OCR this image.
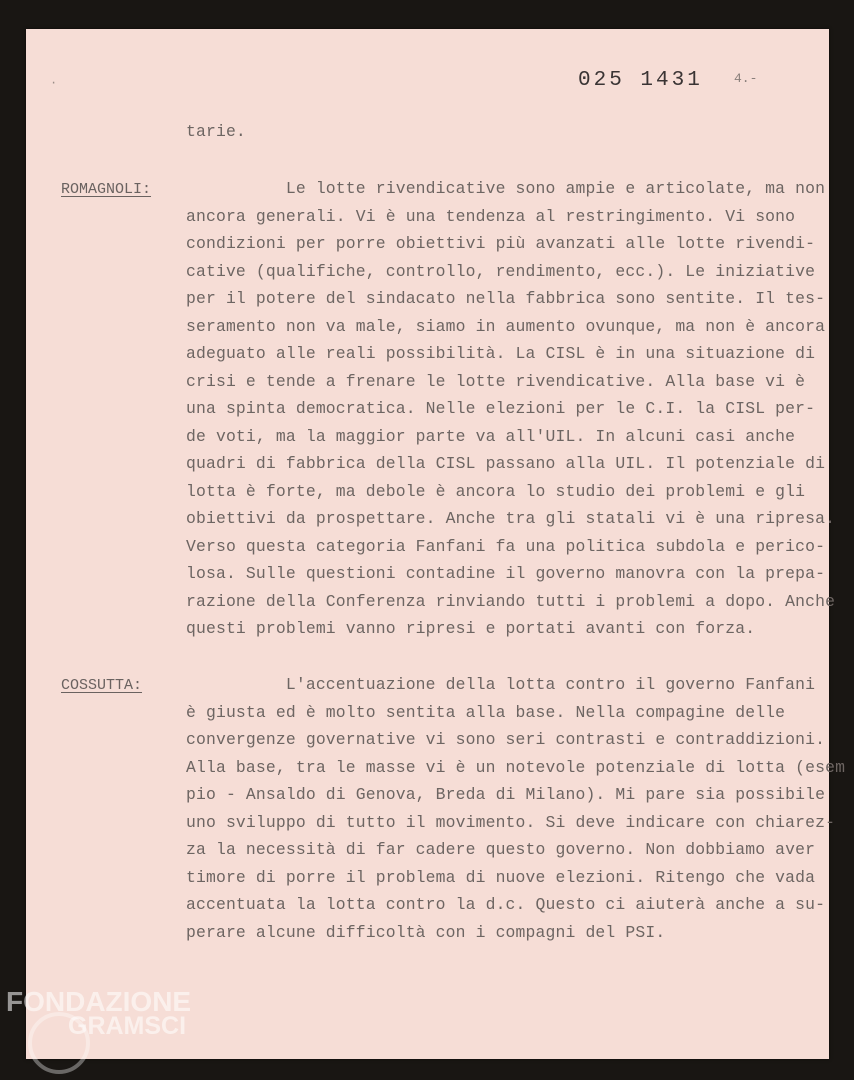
·	025 1431 4.-
tarie.
ROMAGNOLI: Le lotte rivendicative sono ampie e articolate, ma non
ancora generali. Vi è una tendenza al restringimento. Vi sono
condizioni per porre obiettivi più avanzati alle lotte rivendi-
cative (qualifiche, controllo, rendimento, ecc.). Le iniziative
per il potere del sindacato nella fabbrica sono sentite. Il tes-
seramento non va male, siamo in aumento ovunque, ma non è ancora
adeguato alle reali possibilità. La CISL è in una situazione di
crisi e tende a frenare le lotte rivendicative. Alla base vi è
una spinta democratica. Nelle elezioni per le C.I. la CISL per-
de voti, ma la maggior parte va all'UIL. In alcuni casi anche
quadri di fabbrica della CISL passano alla UIL. Il potenziale di
lotta è forte, ma debole è ancora lo studio dei problemi e gli
obiettivi da prospettare. Anche tra gli statali vi è una ripresa.
Verso questa categoria Fanfani fa una politica subdola e perico-
losa. Sulle questioni contadine il governo manovra con la prepa-
razione della Conferenza rinviando tutti i problemi a dopo. Anche
questi problemi vanno ripresi e portati avanti con forza.
COSSUTTA:	L'accentuazione della lotta contro il governo Fanfani
è giusta ed è molto sentita alla base. Nella compagine delle
convergenze governative vi sono seri contrasti e contraddizioni.
Alla base, tra le masse vi è un notevole potenziale di lotta (esem
pio - Ansaldo di Genova, Breda di Milano). Mi pare sia possibile
uno sviluppo di tutto il movimento. Si deve indicare con chiarez-
za la necessità di far cadere questo governo. Non dobbiamo aver
timore di porre il problema di nuove elezioni. Ritengo che vada
accentuata la lotta contro la d.c. Questo ci aiuterà anche a su-
perare alcune difficoltà con i compagni del PSI.
FONDAZIONE
GRAMSCI
